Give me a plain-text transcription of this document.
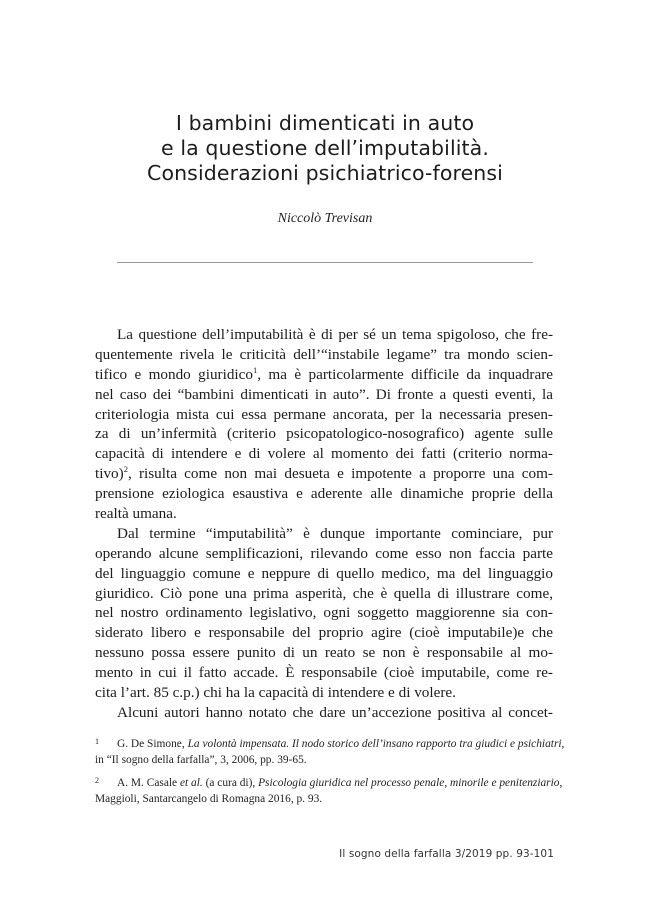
I bambini dimenticati in auto
e la questione dell’imputabilità.
Considerazioni psichiatrico-forensi
Niccolò Trevisan
La questione dell’imputabilità è di per sé un tema spigoloso, che fre-
quentemente rivela le criticità dell’“instabile legame” tra mondo scien-
tifico e mondo giuridico$^1$, ma è particolarmente difficile da inquadrare
nel caso dei “bambini dimenticati in auto”. Di fronte a questi eventi, la
criteriologia mista cui essa permane ancorata, per la necessaria presen-
za di un’infermità (criterio psicopatologico-nosografico) agente sulle
capacità di intendere e di volere al momento dei fatti (criterio norma-
tivo)$^2$, risulta come non mai desueta e impotente a proporre una com-
prensione eziologica esaustiva e aderente alle dinamiche proprie della
realtà umana.
Dal termine “imputabilità” è dunque importante cominciare, pur
operando alcune semplificazioni, rilevando come esso non faccia parte
del linguaggio comune e neppure di quello medico, ma del linguaggio
giuridico. Ciò pone una prima asperità, che è quella di illustrare come,
nel nostro ordinamento legislativo, ogni soggetto maggiorenne sia con-
siderato libero e responsabile del proprio agire (cioè imputabile)e che
nessuno possa essere punito di un reato se non è responsabile al mo-
mento in cui il fatto accade. È responsabile (cioè imputabile, come re-
cita l’art. 85 c.p.) chi ha la capacità di intendere e di volere.
Alcuni autori hanno notato che dare un’accezione positiva al concet-
1 G. De Simone, La volontà impensata. Il nodo storico dell’insano rapporto tra giudici e psichiatri,
in “Il sogno della farfalla”, 3, 2006, pp. 39-65.
2 A. M. Casale et al. (a cura di), Psicologia giuridica nel processo penale, minorile e penitenziario,
Maggioli, Santarcangelo di Romagna 2016, p. 93.
Il sogno della farfalla 3/2019 pp. 93-101
